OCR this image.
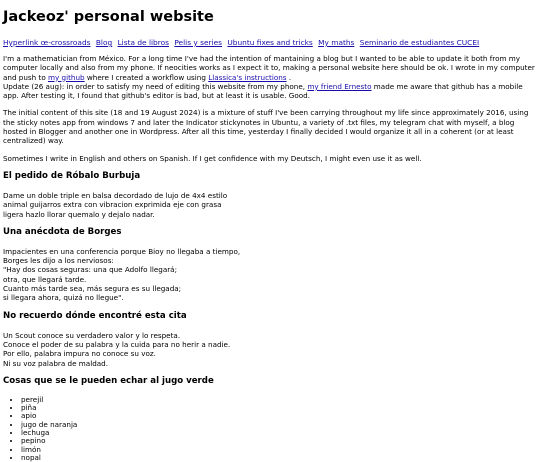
Jackeoz' personal website
Hyperlink œ-crossroads Blog Lista de libros Pelis y series Ubuntu fixes and tricks My maths Seminario de estudiantes CUCEI

I'm a mathematician from México. For a long time I've had the intention of mantaining a blog but I wanted to be able to update it both from my computer locally and also from my phone. If neocities works as I expect it to, making a personal website here should be ok. I wrote in my computer and push to my github where I created a workflow using Llassica's instructions .
Update (26 aug): in order to satisfy my need of editing this website from my phone, my friend Ernesto made me aware that github has a mobile app. After testing it, I found that github's editor is bad, but at least it is usable. Good.

The initial content of this site (18 and 19 August 2024) is a mixture of stuff I've been carrying throughout my life since approximately 2016, using the sticky notes app from windows 7 and later the Indicator stickynotes in Ubuntu, a variety of .txt files, my telegram chat with myself, a blog hosted in Blogger and another one in Wordpress. After all this time, yesterday I finally decided I would organize it all in a coherent (or at least centralized) way.

Sometimes I write in English and others on Spanish. If I get confidence with my Deutsch, I might even use it as well.

El pedido de Róbalo Burbuja
Dame un doble triple en balsa decordado de lujo de 4x4 estilo
animal guijarros extra con vibracion exprimida eje con grasa
ligera hazlo llorar quemalo y dejalo nadar.
Una anécdota de Borges
Impacientes en una conferencia porque Bioy no llegaba a tiempo,
Borges les dijo a los nerviosos:
"Hay dos cosas seguras: una que Adolfo llegará;
otra, que llegará tarde.
Cuanto más tarde sea, más segura es su llegada;
si llegara ahora, quizá no llegue".
No recuerdo dónde encontré esta cita
Un Scout conoce su verdadero valor y lo respeta.
Conoce el poder de su palabra y la cuida para no herir a nadie.
Por ello, palabra impura no conoce su voz.
Ni su voz palabra de maldad.
Cosas que se le pueden echar al jugo verde
• perejil
• piña
• apio
• jugo de naranja
• lechuga
• pepino
• limón
• nopal
